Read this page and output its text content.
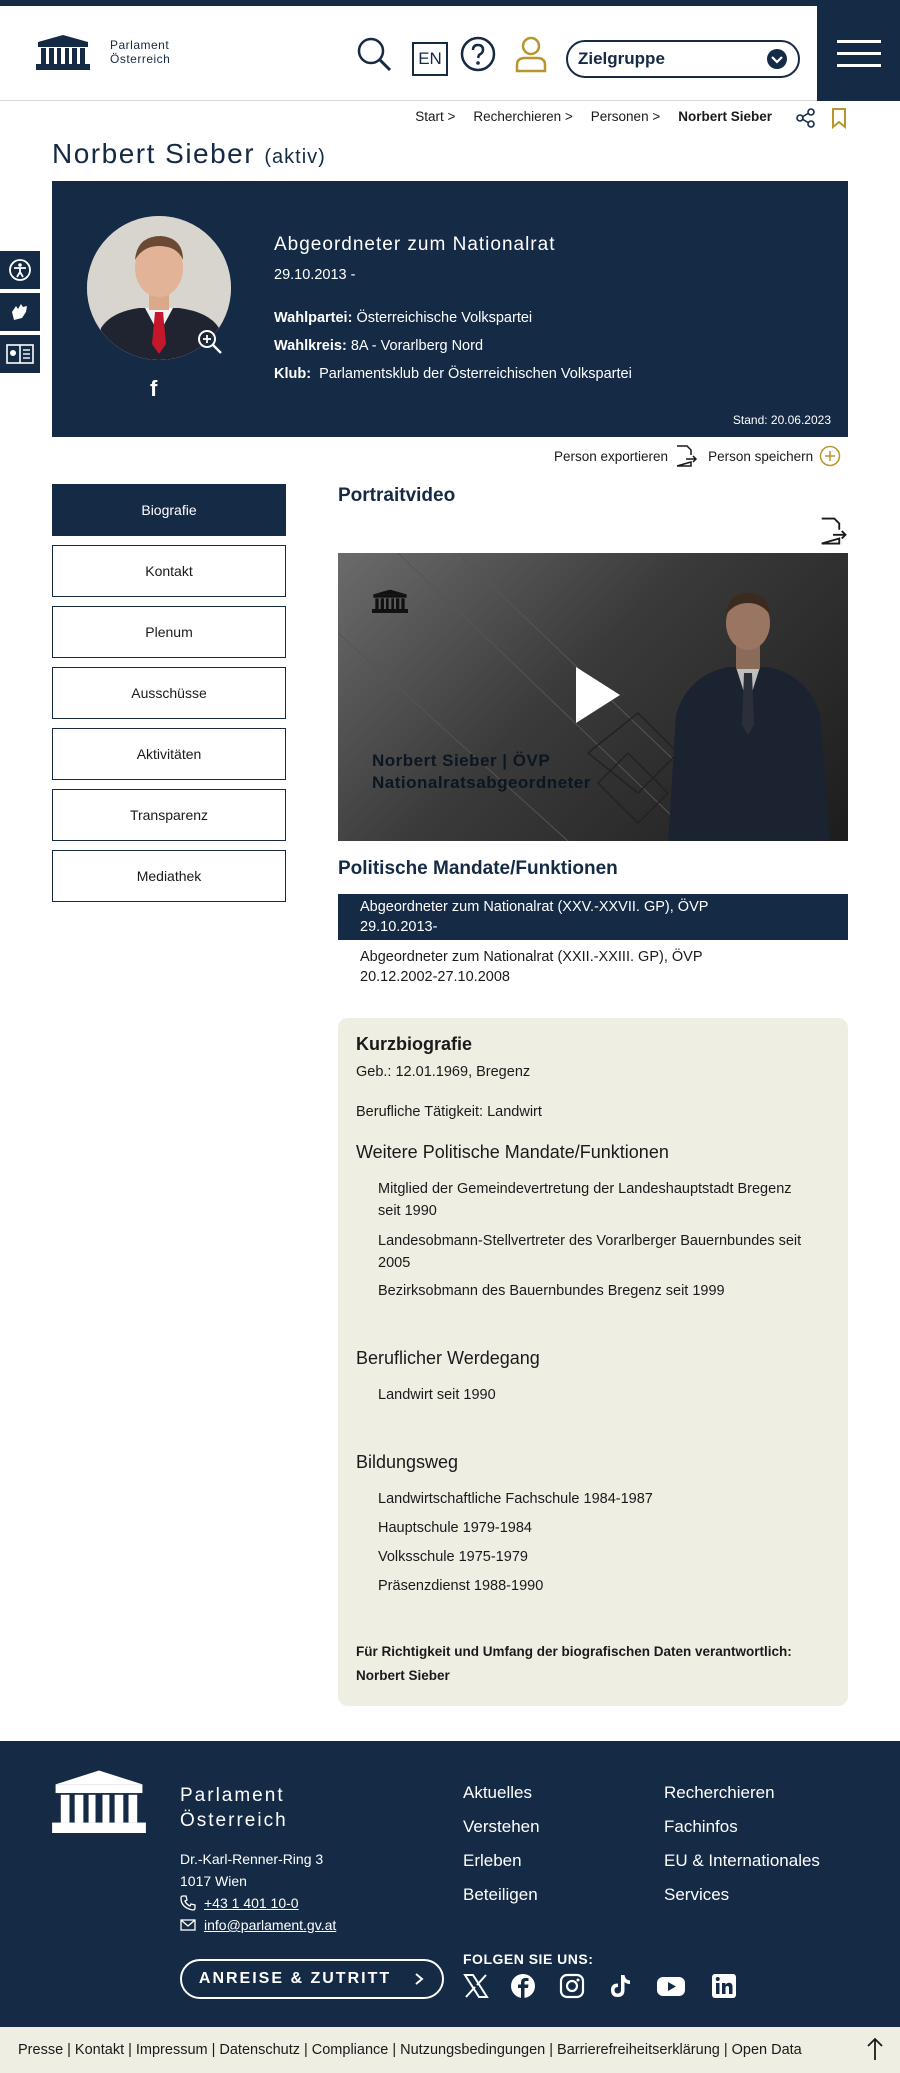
Parlament
Österreich	EN	Zielgruppe
Start > Recherchieren > Personen > Norbert Sieber
Norbert Sieber (aktiv)
f
Abgeordneter zum Nationalrat
29.10.2013 -
Wahlpartei: Österreichische Volkspartei
Wahlkreis: 8A - Vorarlberg Nord
Klub: Parlamentsklub der Österreichischen Volkspartei
Stand: 20.06.2023
Person exportieren	Person speichern
Biografie
Kontakt
Plenum
Ausschüsse
Aktivitäten
Transparenz
Mediathek
Portraitvideo
Norbert Sieber | ÖVP
Nationalratsabgeordneter
Politische Mandate/Funktionen
Abgeordneter zum Nationalrat (XXV.-XXVII. GP), ÖVP
29.10.2013-
Abgeordneter zum Nationalrat (XXII.-XXIII. GP), ÖVP
20.12.2002-27.10.2008
Kurzbiografie
Geb.: 12.01.1969, Bregenz
Berufliche Tätigkeit: Landwirt
Weitere Politische Mandate/Funktionen
Mitglied der Gemeindevertretung der Landeshauptstadt Bregenz seit 1990
Landesobmann-Stellvertreter des Vorarlberger Bauernbundes seit 2005
Bezirksobmann des Bauernbundes Bregenz seit 1999
Beruflicher Werdegang
Landwirt seit 1990
Bildungsweg
Landwirtschaftliche Fachschule 1984-1987
Hauptschule 1979-1984
Volksschule 1975-1979
Präsenzdienst 1988-1990
Für Richtigkeit und Umfang der biografischen Daten verantwortlich:
Norbert Sieber
Parlament
Österreich
Dr.-Karl-Renner-Ring 3
1017 Wien
+43 1 401 10-0
info@parlament.gv.at
Aktuelles
Verstehen
Erleben
Beteiligen
Recherchieren
Fachinfos
EU & Internationales
Services
ANREISE & ZUTRITT
FOLGEN SIE UNS:
Presse | Kontakt | Impressum | Datenschutz | Compliance | Nutzungsbedingungen | Barrierefreiheitserklärung | Open Data
